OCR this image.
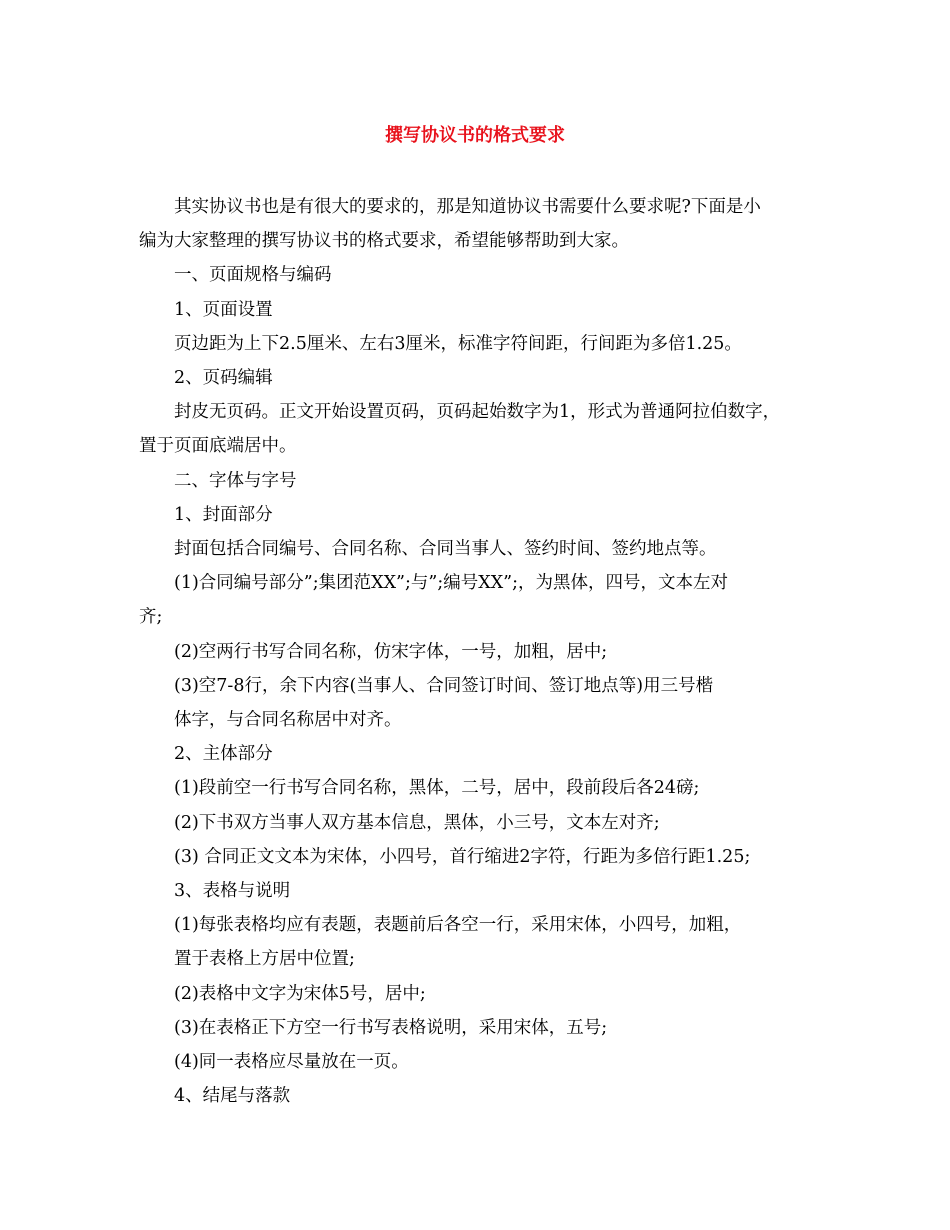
撰写协议书的格式要求
其实协议书也是有很大的要求的，那是知道协议书需要什么要求呢?下面是小
编为大家整理的撰写协议书的格式要求，希望能够帮助到大家。
一、页面规格与编码
1、页面设置
页边距为上下2.5厘米、左右3厘米，标准字符间距，行间距为多倍1.25。
2、页码编辑
封皮无页码。正文开始设置页码，页码起始数字为1，形式为普通阿拉伯数字，
置于页面底端居中。
二、字体与字号
1、封面部分
封面包括合同编号、合同名称、合同当事人、签约时间、签约地点等。
(1)合同编号部分”;集团范XX”;与”;编号XX”;，为黑体，四号，文本左对
齐;
(2)空两行书写合同名称，仿宋字体，一号，加粗，居中;
(3)空7-8行，余下内容(当事人、合同签订时间、签订地点等)用三号楷
体字，与合同名称居中对齐。
2、主体部分
(1)段前空一行书写合同名称，黑体，二号，居中，段前段后各24磅;
(2)下书双方当事人双方基本信息，黑体，小三号，文本左对齐;
(3) 合同正文文本为宋体，小四号，首行缩进2字符，行距为多倍行距1.25;
3、表格与说明
(1)每张表格均应有表题，表题前后各空一行，采用宋体，小四号，加粗，
置于表格上方居中位置;
(2)表格中文字为宋体5号，居中;
(3)在表格正下方空一行书写表格说明，采用宋体，五号;
(4)同一表格应尽量放在一页。
4、结尾与落款
